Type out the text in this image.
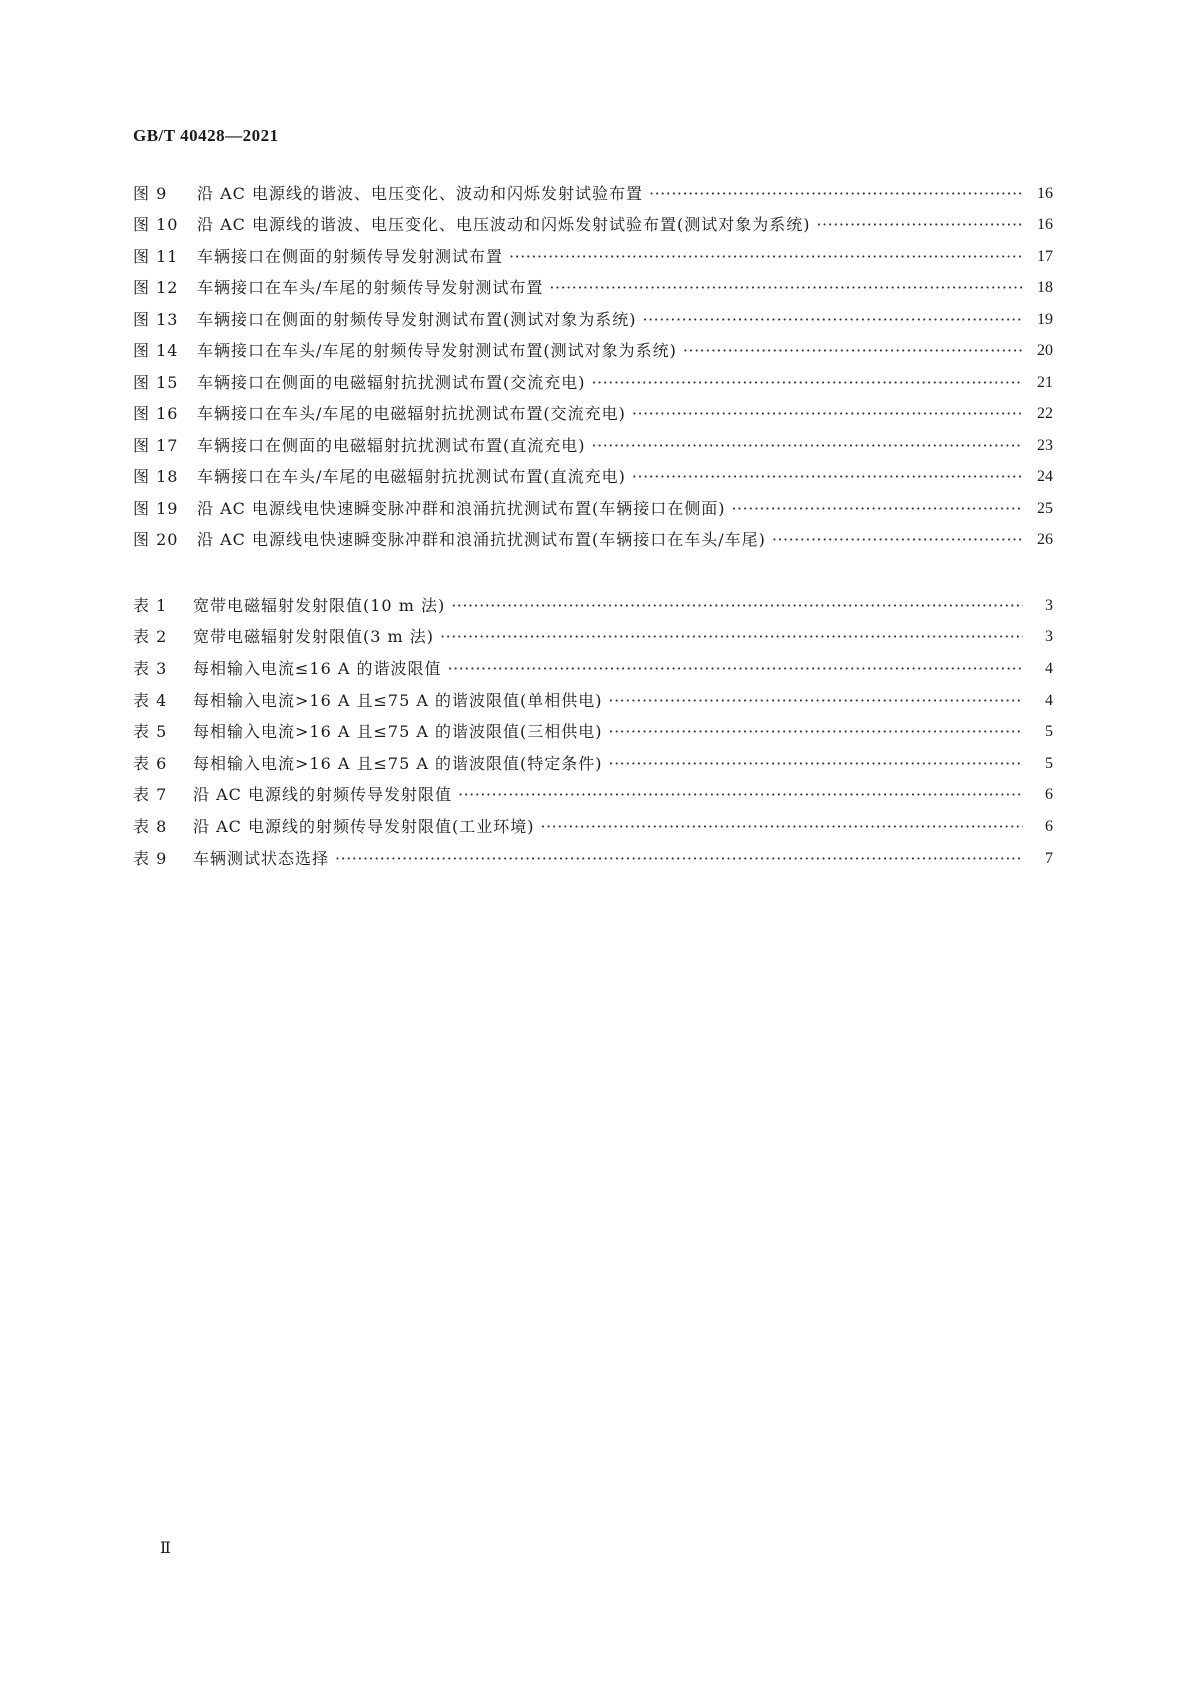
GB/T 40428—2021
图 9	沿 AC 电源线的谐波、电压变化、波动和闪烁发射试验布置 ·····	16
图 10	沿 AC 电源线的谐波、电压变化、电压波动和闪烁发射试验布置(测试对象为系统) ·····	16
图 11	车辆接口在侧面的射频传导发射测试布置 ·····	17
图 12	车辆接口在车头/车尾的射频传导发射测试布置 ·····	18
图 13	车辆接口在侧面的射频传导发射测试布置(测试对象为系统) ·····	19
图 14	车辆接口在车头/车尾的射频传导发射测试布置(测试对象为系统) ·····	20
图 15	车辆接口在侧面的电磁辐射抗扰测试布置(交流充电) ·····	21
图 16	车辆接口在车头/车尾的电磁辐射抗扰测试布置(交流充电) ·····	22
图 17	车辆接口在侧面的电磁辐射抗扰测试布置(直流充电) ·····	23
图 18	车辆接口在车头/车尾的电磁辐射抗扰测试布置(直流充电) ·····	24
图 19	沿 AC 电源线电快速瞬变脉冲群和浪涌抗扰测试布置(车辆接口在侧面) ·····	25
图 20	沿 AC 电源线电快速瞬变脉冲群和浪涌抗扰测试布置(车辆接口在车头/车尾) ·····	26
表 1	宽带电磁辐射发射限值(10 m 法) ·····	3
表 2	宽带电磁辐射发射限值(3 m 法) ·····	3
表 3	每相输入电流≤16 A 的谐波限值 ·····	4
表 4	每相输入电流>16 A 且≤75 A 的谐波限值(单相供电) ·····	4
表 5	每相输入电流>16 A 且≤75 A 的谐波限值(三相供电) ·····	5
表 6	每相输入电流>16 A 且≤75 A 的谐波限值(特定条件) ·····	5
表 7	沿 AC 电源线的射频传导发射限值 ·····	6
表 8	沿 AC 电源线的射频传导发射限值(工业环境) ·····	6
表 9	车辆测试状态选择 ·····	7
Ⅱ
